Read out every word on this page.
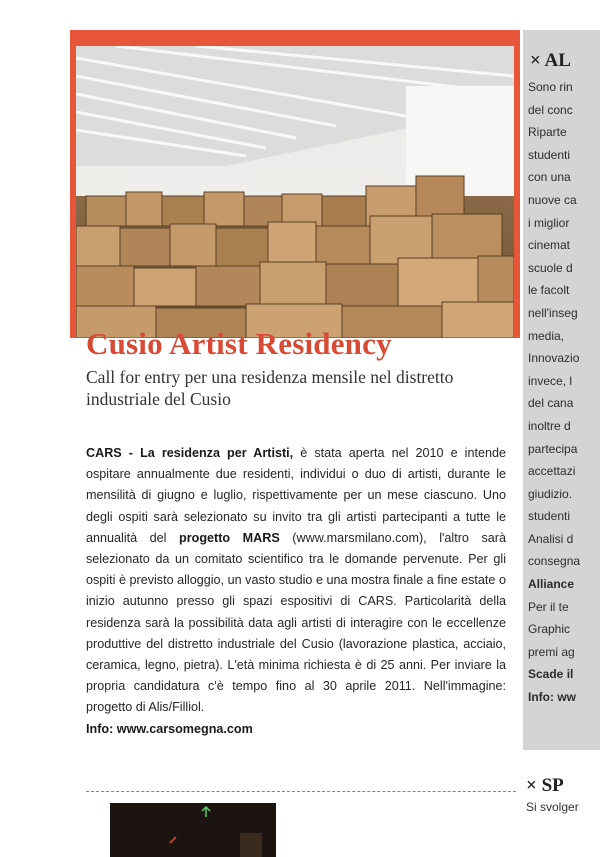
Cusio Artist Residency

Call for entry per una residenza mensile nel distretto industriale del Cusio

CARS - La residenza per Artisti, è stata aperta nel 2010 e intende ospitare annualmente due residenti, individui o duo di artisti, durante le mensilità di giugno e luglio, rispettivamente per un mese ciascuno. Uno degli ospiti sarà selezionato su invito tra gli artisti partecipanti a tutte le annualità del progetto MARS (www.marsmilano.com), l'altro sarà selezionato da un comitato scientifico tra le domande pervenute. Per gli ospiti è previsto alloggio, un vasto studio e una mostra finale a fine estate o inizio autunno presso gli spazi espositivi di CARS. Particolarità della residenza sarà la possibilità data agli artisti di interagire con le eccellenze produttive del distretto industriale del Cusio (lavorazione plastica, acciaio, ceramica, legno, pietra). L'età minima richiesta è di 25 anni. Per inviare la propria candidatura c'è tempo fino al 30 aprile 2011. Nell'immagine: progetto di Alis/Filliol.
Info: www.carsomegna.com

Sono rin
del conc
Riparte
studenti
con una
nuove ca
i miglior
cinemat
scuole d
le facolt
nell'inseg
media,
Innovazio
invece, l
del cana
inoltre d
partecipa
accettazi
giudizio.
studenti
Analisi d
consegna
Alliance
Per il te
Graphic
premi ag
Scade il
Info: ww
× AL
× SP

Si svolger
